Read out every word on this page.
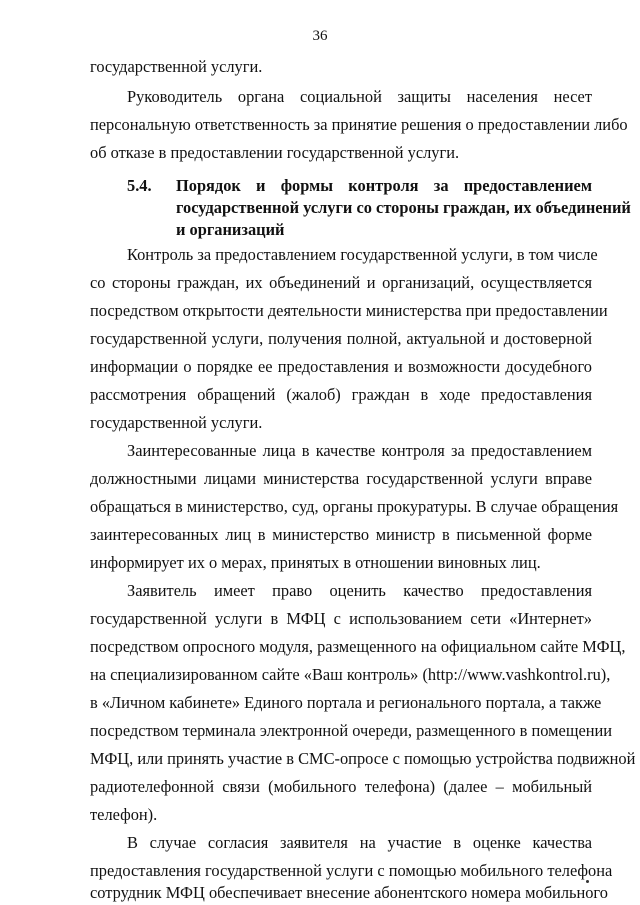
36
государственной услуги.
Руководитель органа социальной защиты населения несет
персональную ответственность за принятие решения о предоставлении либо
об отказе в предоставлении государственной услуги.
5.4. Порядок и формы контроля за предоставлением
государственной услуги со стороны граждан, их объединений
и организаций
Контроль за предоставлением государственной услуги, в том числе
со стороны граждан, их объединений и организаций, осуществляется
посредством открытости деятельности министерства при предоставлении
государственной услуги, получения полной, актуальной и достоверной
информации о порядке ее предоставления и возможности досудебного
рассмотрения обращений (жалоб) граждан в ходе предоставления
государственной услуги.
Заинтересованные лица в качестве контроля за предоставлением
должностными лицами министерства государственной услуги вправе
обращаться в министерство, суд, органы прокуратуры. В случае обращения
заинтересованных лиц в министерство министр в письменной форме
информирует их о мерах, принятых в отношении виновных лиц.
Заявитель имеет право оценить качество предоставления
государственной услуги в МФЦ с использованием сети «Интернет»
посредством опросного модуля, размещенного на официальном сайте МФЦ,
на специализированном сайте «Ваш контроль» (http://www.vashkontrol.ru),
в «Личном кабинете» Единого портала и регионального портала, а также
посредством терминала электронной очереди, размещенного в помещении
МФЦ, или принять участие в СМС-опросе с помощью устройства подвижной
радиотелефонной связи (мобильного телефона) (далее – мобильный
телефон).
В случае согласия заявителя на участие в оценке качества
предоставления государственной услуги с помощью мобильного телефона
сотрудник МФЦ обеспечивает внесение абонентского номера мобильного
